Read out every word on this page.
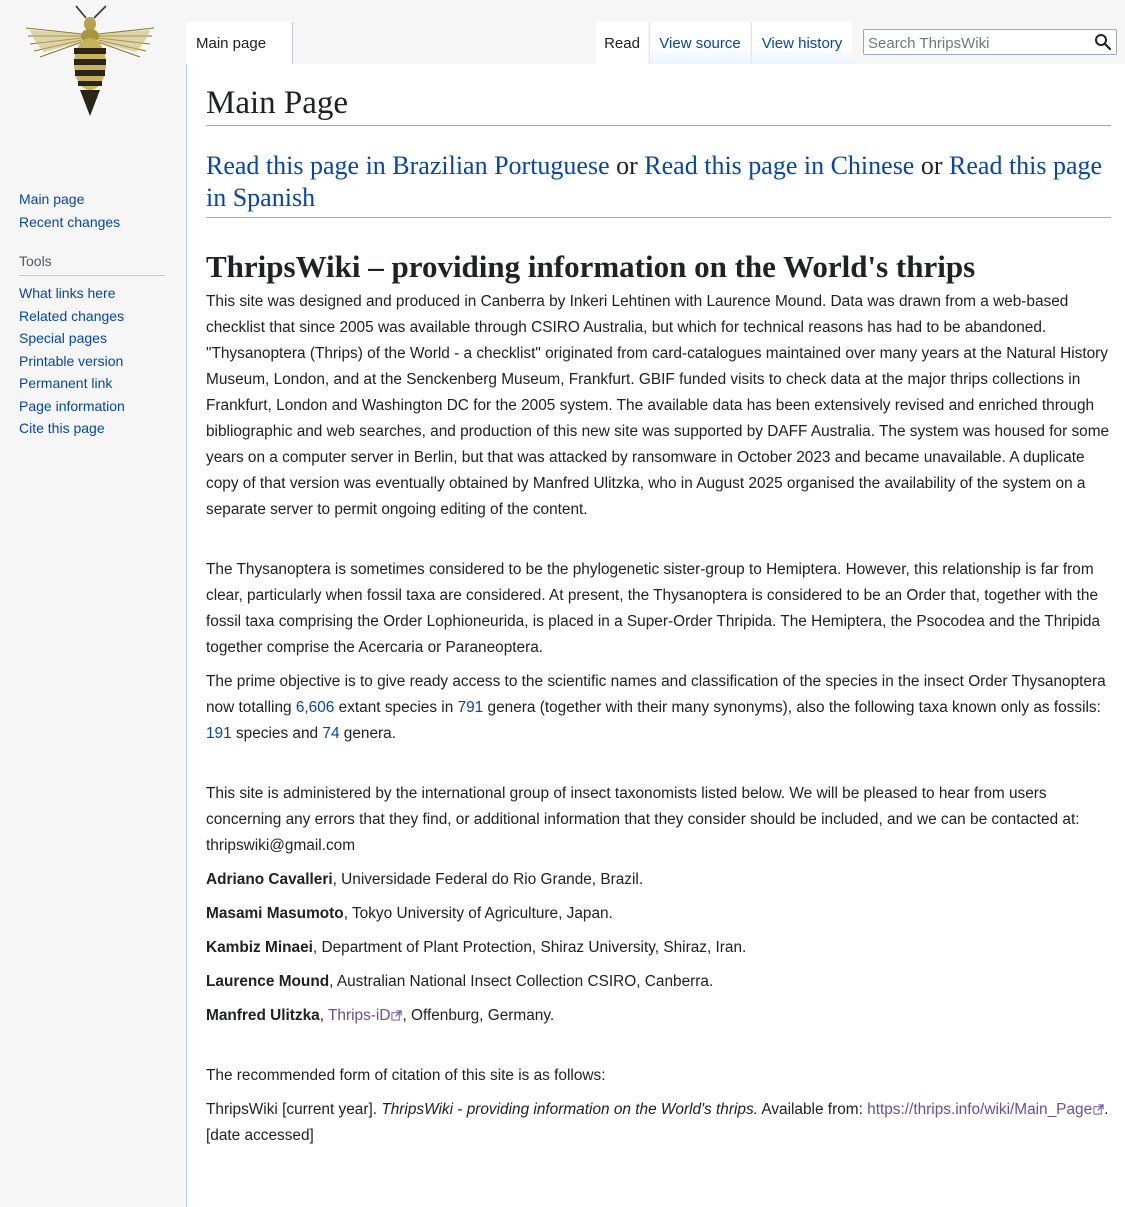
Main page
Recent changes
Tools
What links here
Related changes
Special pages
Printable version
Permanent link
Page information
Cite this page
Main page	Read	View source	View history
Search ThripsWiki
Main Page
Read this page in Brazilian Portuguese or Read this page in Chinese or Read this page in Spanish
ThripsWiki – providing information on the World's thrips

This site was designed and produced in Canberra by Inkeri Lehtinen with Laurence Mound. Data was drawn from a web-based checklist that since 2005 was available through CSIRO Australia, but which for technical reasons has had to be abandoned. "Thysanoptera (Thrips) of the World - a checklist" originated from card-catalogues maintained over many years at the Natural History Museum, London, and at the Senckenberg Museum, Frankfurt. GBIF funded visits to check data at the major thrips collections in Frankfurt, London and Washington DC for the 2005 system. The available data has been extensively revised and enriched through bibliographic and web searches, and production of this new site was supported by DAFF Australia. The system was housed for some years on a computer server in Berlin, but that was attacked by ransomware in October 2023 and became unavailable. A duplicate copy of that version was eventually obtained by Manfred Ulitzka, who in August 2025 organised the availability of the system on a separate server to permit ongoing editing of the content.

The Thysanoptera is sometimes considered to be the phylogenetic sister-group to Hemiptera. However, this relationship is far from clear, particularly when fossil taxa are considered. At present, the Thysanoptera is considered to be an Order that, together with the fossil taxa comprising the Order Lophioneurida, is placed in a Super-Order Thripida. The Hemiptera, the Psocodea and the Thripida together comprise the Acercaria or Paraneoptera.

The prime objective is to give ready access to the scientific names and classification of the species in the insect Order Thysanoptera now totalling 6,606 extant species in 791 genera (together with their many synonyms), also the following taxa known only as fossils: 191 species and 74 genera.

This site is administered by the international group of insect taxonomists listed below. We will be pleased to hear from users concerning any errors that they find, or additional information that they consider should be included, and we can be contacted at: thripswiki@gmail.com

Adriano Cavalleri, Universidade Federal do Rio Grande, Brazil.

Masami Masumoto, Tokyo University of Agriculture, Japan.

Kambiz Minaei, Department of Plant Protection, Shiraz University, Shiraz, Iran.

Laurence Mound, Australian National Insect Collection CSIRO, Canberra.

Manfred Ulitzka, Thrips-iD , Offenburg, Germany.

The recommended form of citation of this site is as follows:

ThripsWiki [current year]. ThripsWiki - providing information on the World's thrips. Available from: https://thrips.info/wiki/Main_Page . [date accessed]
